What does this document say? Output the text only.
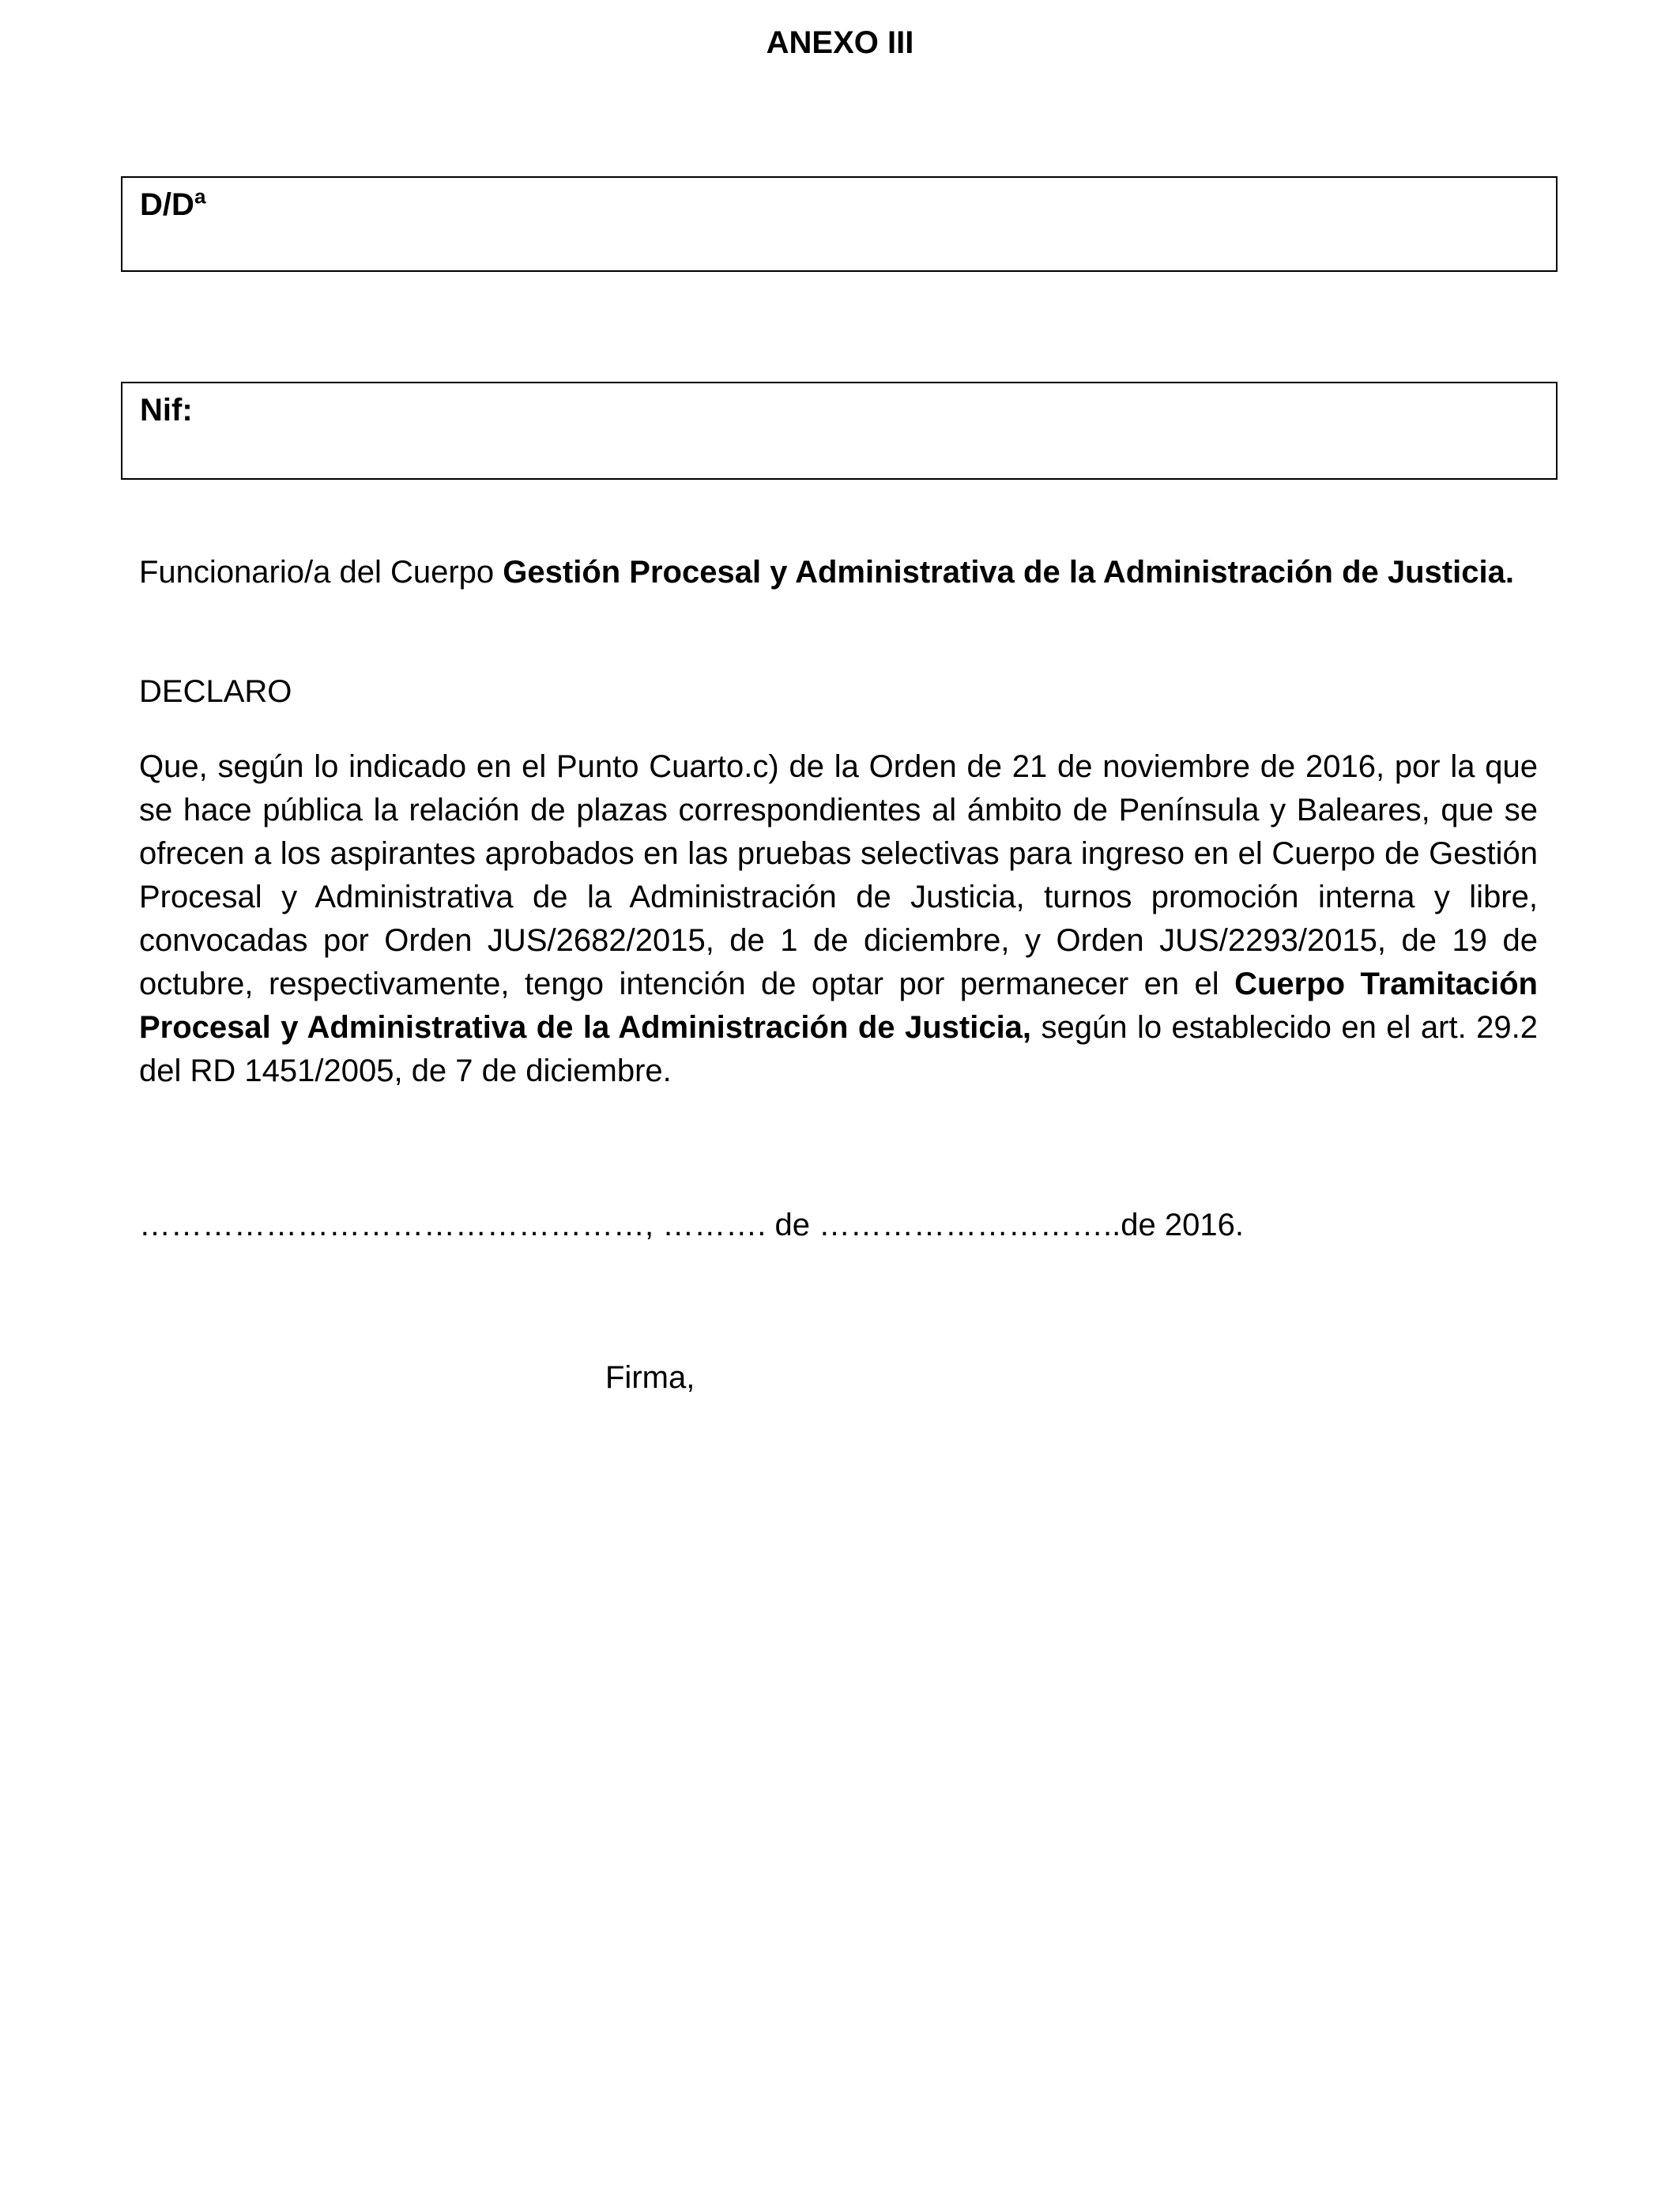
ANEXO III
D/Dª
Nif:
Funcionario/a del Cuerpo Gestión Procesal y Administrativa de la Administración de Justicia.
DECLARO
Que, según lo indicado en el Punto Cuarto.c) de la Orden de 21 de noviembre de 2016, por la que se hace pública la relación de plazas correspondientes al ámbito de Península y Baleares, que se ofrecen a los aspirantes aprobados en las pruebas selectivas para ingreso en el Cuerpo de Gestión Procesal y Administrativa de la Administración de Justicia, turnos promoción interna y libre, convocadas por Orden JUS/2682/2015, de 1 de diciembre, y Orden JUS/2293/2015, de 19 de octubre, respectivamente, tengo intención de optar por permanecer en el Cuerpo Tramitación Procesal y Administrativa de la Administración de Justicia, según lo establecido en el art. 29.2 del RD 1451/2005, de 7 de diciembre.
…………………………………………, ………. de ………………………..de 2016.
Firma,
